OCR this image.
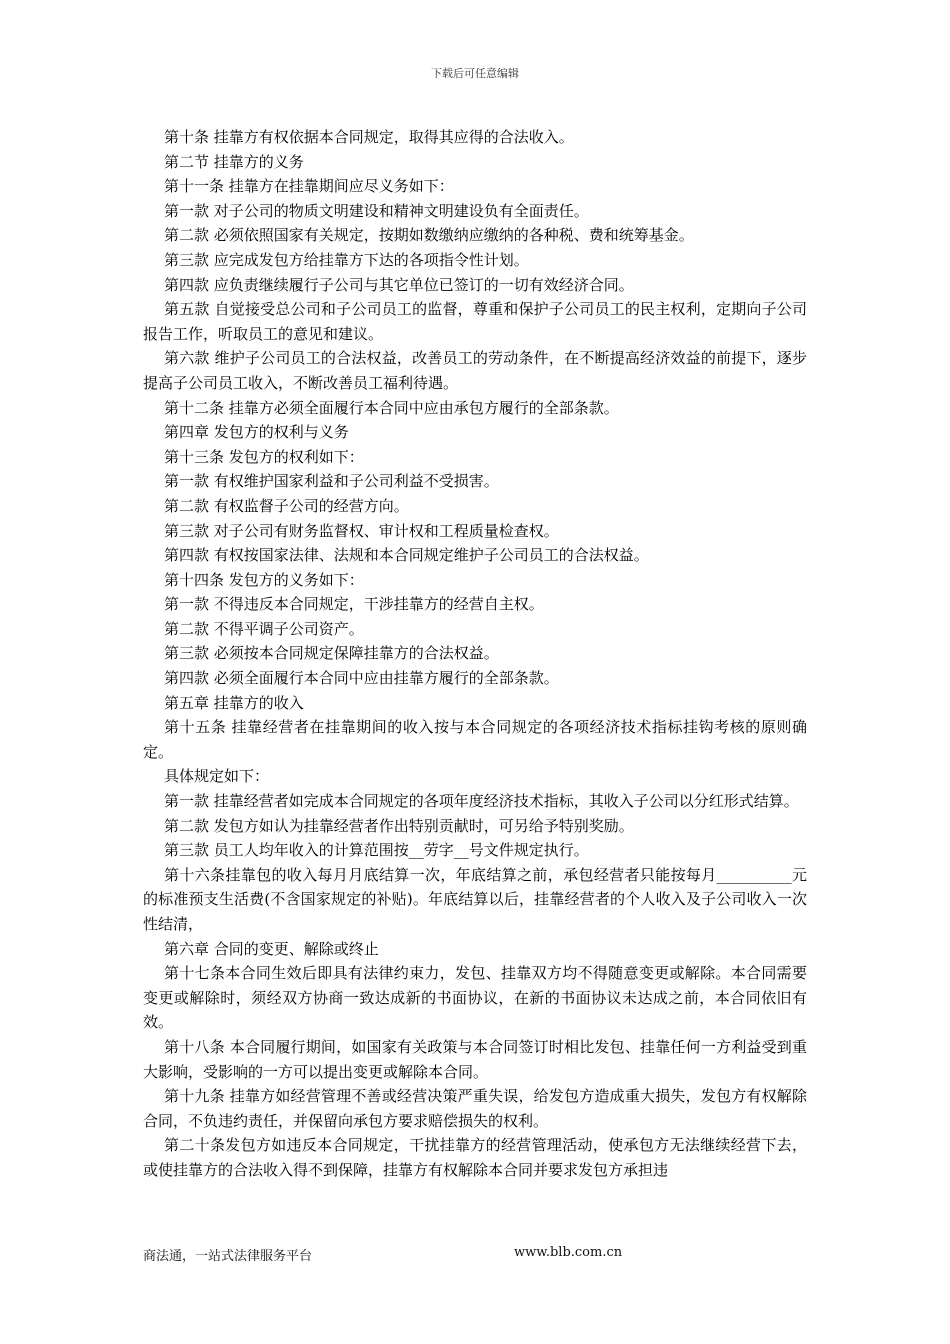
下载后可任意编辑

第十条 挂靠方有权依据本合同规定，取得其应得的合法收入。

第二节 挂靠方的义务

第十一条 挂靠方在挂靠期间应尽义务如下：

第一款 对子公司的物质文明建设和精神文明建设负有全面责任。

第二款 必须依照国家有关规定，按期如数缴纳应缴纳的各种税、费和统筹基金。

第三款 应完成发包方给挂靠方下达的各项指令性计划。

第四款 应负责继续履行子公司与其它单位已签订的一切有效经济合同。

第五款 自觉接受总公司和子公司员工的监督，尊重和保护子公司员工的民主权利，定期向子公司报告工作，听取员工的意见和建议。

第六款 维护子公司员工的合法权益，改善员工的劳动条件，在不断提高经济效益的前提下，逐步提高子公司员工收入，不断改善员工福利待遇。

第十二条 挂靠方必须全面履行本合同中应由承包方履行的全部条款。

第四章 发包方的权利与义务

第十三条 发包方的权利如下：

第一款 有权维护国家利益和子公司利益不受损害。

第二款 有权监督子公司的经营方向。

第三款 对子公司有财务监督权、审计权和工程质量检查权。

第四款 有权按国家法律、法规和本合同规定维护子公司员工的合法权益。

第十四条 发包方的义务如下：

第一款 不得违反本合同规定，干涉挂靠方的经营自主权。

第二款 不得平调子公司资产。

第三款 必须按本合同规定保障挂靠方的合法权益。

第四款 必须全面履行本合同中应由挂靠方履行的全部条款。

第五章 挂靠方的收入

第十五条 挂靠经营者在挂靠期间的收入按与本合同规定的各项经济技术指标挂钩考核的原则确定。

具体规定如下：

第一款 挂靠经营者如完成本合同规定的各项年度经济技术指标，其收入子公司以分红形式结算。

第二款 发包方如认为挂靠经营者作出特别贡献时，可另给予特别奖励。

第三款 员工人均年收入的计算范围按__劳字__号文件规定执行。

第十六条挂靠包的收入每月月底结算一次，年底结算之前，承包经营者只能按每月__________元的标准预支生活费(不含国家规定的补贴)。年底结算以后，挂靠经营者的个人收入及子公司收入一次性结清，

第六章 合同的变更、解除或终止

第十七条本合同生效后即具有法律约束力，发包、挂靠双方均不得随意变更或解除。本合同需要变更或解除时，须经双方协商一致达成新的书面协议，在新的书面协议未达成之前，本合同依旧有效。

第十八条 本合同履行期间，如国家有关政策与本合同签订时相比发包、挂靠任何一方利益受到重大影响，受影响的一方可以提出变更或解除本合同。

第十九条 挂靠方如经营管理不善或经营决策严重失误，给发包方造成重大损失，发包方有权解除合同，不负违约责任，并保留向承包方要求赔偿损失的权利。

第二十条发包方如违反本合同规定，干扰挂靠方的经营管理活动，使承包方无法继续经营下去，或使挂靠方的合法收入得不到保障，挂靠方有权解除本合同并要求发包方承担违

商法通，一站式法律服务平台	www.blb.com.cn
